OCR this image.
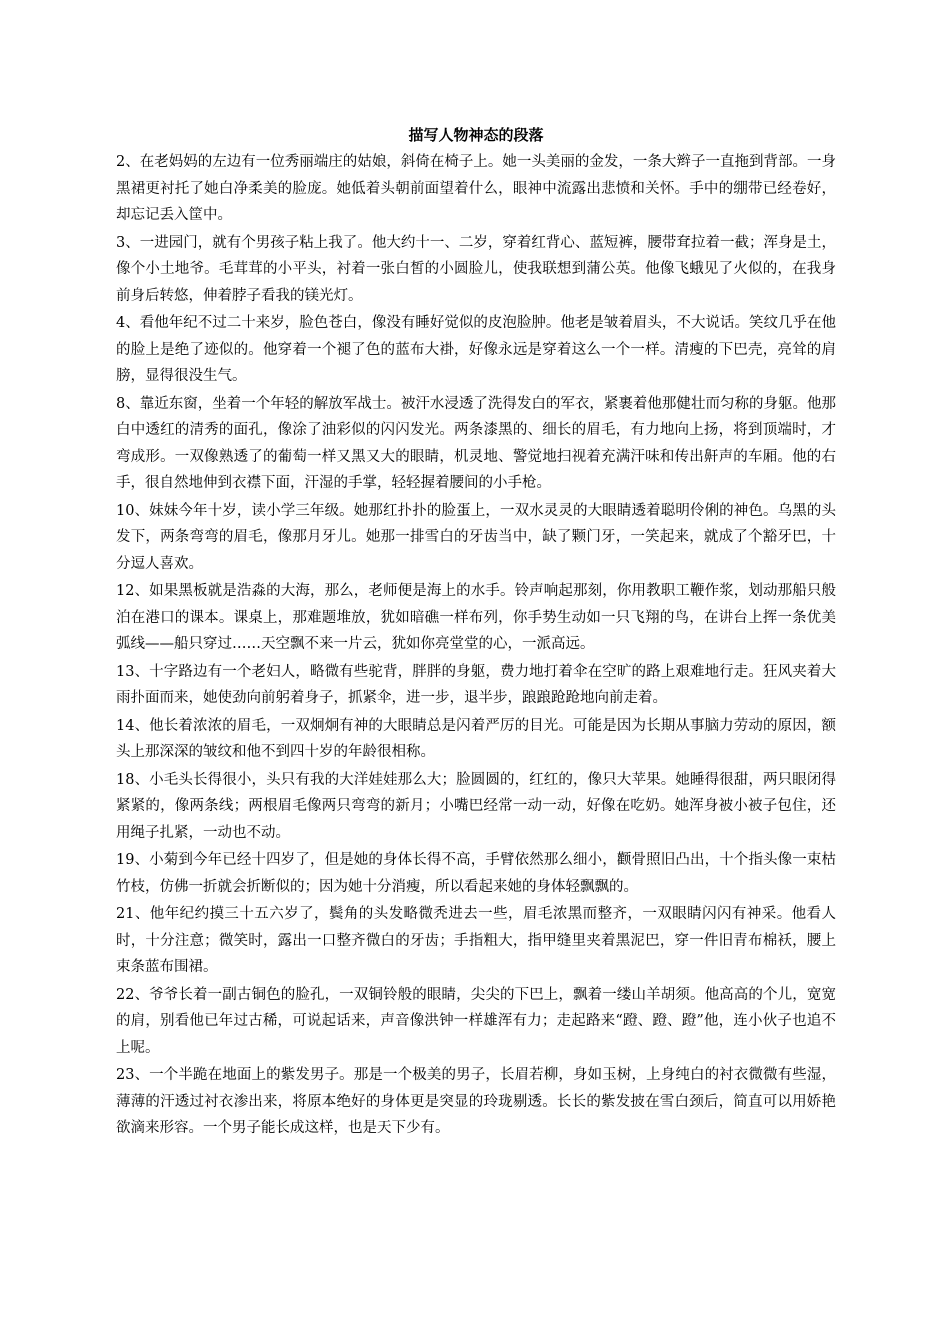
描写人物神态的段落

2、在老妈妈的左边有一位秀丽端庄的姑娘，斜倚在椅子上。她一头美丽的金发，一条大辫子一直拖到背部。一身黑裙更衬托了她白净柔美的脸庞。她低着头朝前面望着什么，眼神中流露出悲愤和关怀。手中的绷带已经卷好，却忘记丢入筐中。

3、一进园门，就有个男孩子粘上我了。他大约十一、二岁，穿着红背心、蓝短裤，腰带耷拉着一截；浑身是土，像个小土地爷。毛茸茸的小平头，衬着一张白皙的小圆脸儿，使我联想到蒲公英。他像飞蛾见了火似的，在我身前身后转悠，伸着脖子看我的镁光灯。

4、看他年纪不过二十来岁，脸色苍白，像没有睡好觉似的皮泡脸肿。他老是皱着眉头，不大说话。笑纹几乎在他的脸上是绝了迹似的。他穿着一个褪了色的蓝布大褂，好像永远是穿着这么一个一样。清瘦的下巴壳，亮耸的肩膀，显得很没生气。

8、靠近东窗，坐着一个年轻的解放军战士。被汗水浸透了洗得发白的军衣，紧裹着他那健壮而匀称的身躯。他那白中透红的清秀的面孔，像涂了油彩似的闪闪发光。两条漆黑的、细长的眉毛，有力地向上扬，将到顶端时，才弯成形。一双像熟透了的葡萄一样又黑又大的眼睛，机灵地、警觉地扫视着充满汗味和传出鼾声的车厢。他的右手，很自然地伸到衣襟下面，汗湿的手掌，轻轻握着腰间的小手枪。

10、妹妹今年十岁，读小学三年级。她那红扑扑的脸蛋上，一双水灵灵的大眼睛透着聪明伶俐的神色。乌黑的头发下，两条弯弯的眉毛，像那月牙儿。她那一排雪白的牙齿当中，缺了颗门牙，一笑起来，就成了个豁牙巴，十分逗人喜欢。

12、如果黑板就是浩淼的大海，那么，老师便是海上的水手。铃声响起那刻，你用教职工鞭作浆，划动那船只般泊在港口的课本。课桌上，那难题堆放，犹如暗礁一样布列，你手势生动如一只飞翔的鸟，在讲台上挥一条优美弧线——船只穿过……天空飘不来一片云，犹如你亮堂堂的心，一派高远。

13、十字路边有一个老妇人，略微有些驼背，胖胖的身躯，费力地打着伞在空旷的路上艰难地行走。狂风夹着大雨扑面而来，她使劲向前躬着身子，抓紧伞，进一步，退半步，踉踉跄跄地向前走着。

14、他长着浓浓的眉毛，一双炯炯有神的大眼睛总是闪着严厉的目光。可能是因为长期从事脑力劳动的原因，额头上那深深的皱纹和他不到四十岁的年龄很相称。

18、小毛头长得很小，头只有我的大洋娃娃那么大；脸圆圆的，红红的，像只大苹果。她睡得很甜，两只眼闭得紧紧的，像两条线；两根眉毛像两只弯弯的新月；小嘴巴经常一动一动，好像在吃奶。她浑身被小被子包住，还用绳子扎紧，一动也不动。

19、小菊到今年已经十四岁了，但是她的身体长得不高，手臂依然那么细小，颧骨照旧凸出，十个指头像一束枯竹枝，仿佛一折就会折断似的；因为她十分消瘦，所以看起来她的身体轻飘飘的。

21、他年纪约摸三十五六岁了，鬓角的头发略微秃进去一些，眉毛浓黑而整齐，一双眼睛闪闪有神采。他看人时，十分注意；微笑时，露出一口整齐微白的牙齿；手指粗大，指甲缝里夹着黑泥巴，穿一件旧青布棉袄，腰上束条蓝布围裙。

22、爷爷长着一副古铜色的脸孔，一双铜铃般的眼睛，尖尖的下巴上，飘着一缕山羊胡须。他高高的个儿，宽宽的肩，别看他已年过古稀，可说起话来，声音像洪钟一样雄浑有力；走起路来“蹬、蹬、蹬”他，连小伙子也追不上呢。

23、一个半跪在地面上的紫发男子。那是一个极美的男子，长眉若柳，身如玉树，上身纯白的衬衣微微有些湿，薄薄的汗透过衬衣渗出来，将原本绝好的身体更是突显的玲珑剔透。长长的紫发披在雪白颈后，简直可以用娇艳欲滴来形容。一个男子能长成这样，也是天下少有。
